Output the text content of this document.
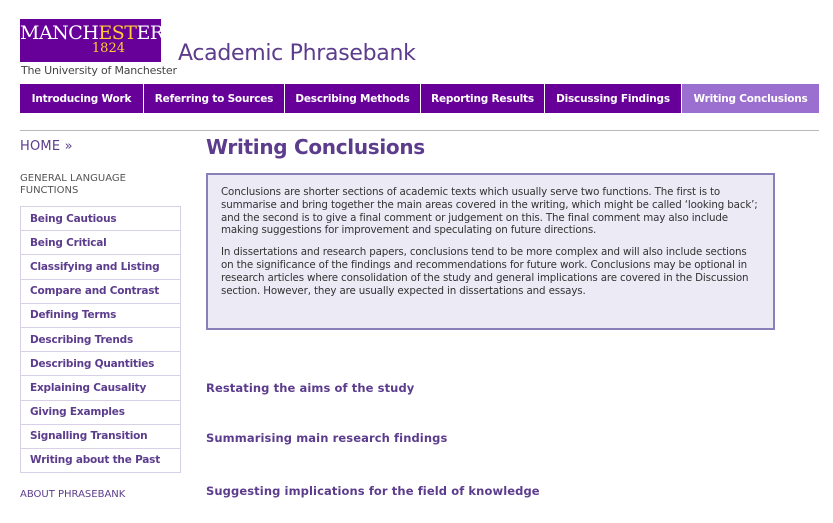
MANCHESTER
1824
The University of Manchester
Academic Phrasebank
Introducing Work	Referring to Sources	Describing Methods	Reporting Results	Discussing Findings	Writing Conclusions
HOME »
GENERAL LANGUAGE FUNCTIONS
Being Cautious
Being Critical
Classifying and Listing
Compare and Contrast
Defining Terms
Describing Trends
Describing Quantities
Explaining Causality
Giving Examples
Signalling Transition
Writing about the Past
ABOUT PHRASEBANK
Writing Conclusions

Conclusions are shorter sections of academic texts which usually serve two functions. The first is to summarise and bring together the main areas covered in the writing, which might be called ‘looking back’; and the second is to give a final comment or judgement on this. The final comment may also include making suggestions for improvement and speculating on future directions.

In dissertations and research papers, conclusions tend to be more complex and will also include sections on the significance of the findings and recommendations for future work. Conclusions may be optional in research articles where consolidation of the study and general implications are covered in the Discussion section. However, they are usually expected in dissertations and essays.

Restating the aims of the study
Summarising main research findings
Suggesting implications for the field of knowledge
